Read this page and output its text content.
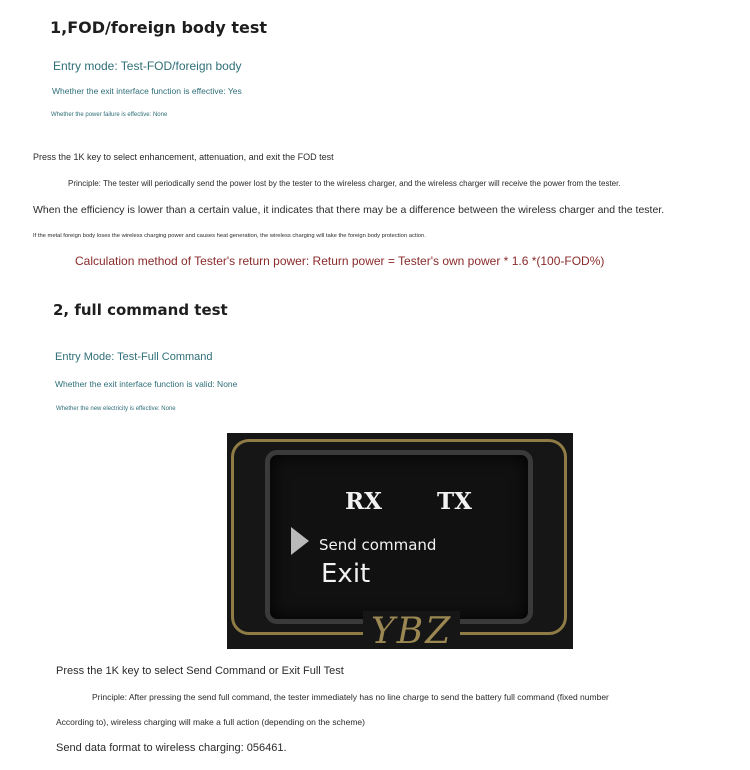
1,FOD/foreign body test

Entry mode: Test-FOD/foreign body

Whether the exit interface function is effective: Yes

Whether the power failure is effective: None

Press the 1K key to select enhancement, attenuation, and exit the FOD test

Principle: The tester will periodically send the power lost by the tester to the wireless charger, and the wireless charger will receive the power from the tester.

When the efficiency is lower than a certain value, it indicates that there may be a difference between the wireless charger and the tester.

If the metal foreign body loses the wireless charging power and causes heat generation, the wireless charging will take the foreign body protection action.

Calculation method of Tester's return power: Return power = Tester's own power * 1.6 *(100-FOD%)

2, full command test

Entry Mode: Test-Full Command

Whether the exit interface function is valid: None

Whether the new electricity is effective: None

RX TX
Send command
Exit
YBZ

Press the 1K key to select Send Command or Exit Full Test

Principle: After pressing the send full command, the tester immediately has no line charge to send the battery full command (fixed number

According to), wireless charging will make a full action (depending on the scheme)

Send data format to wireless charging: 056461.
